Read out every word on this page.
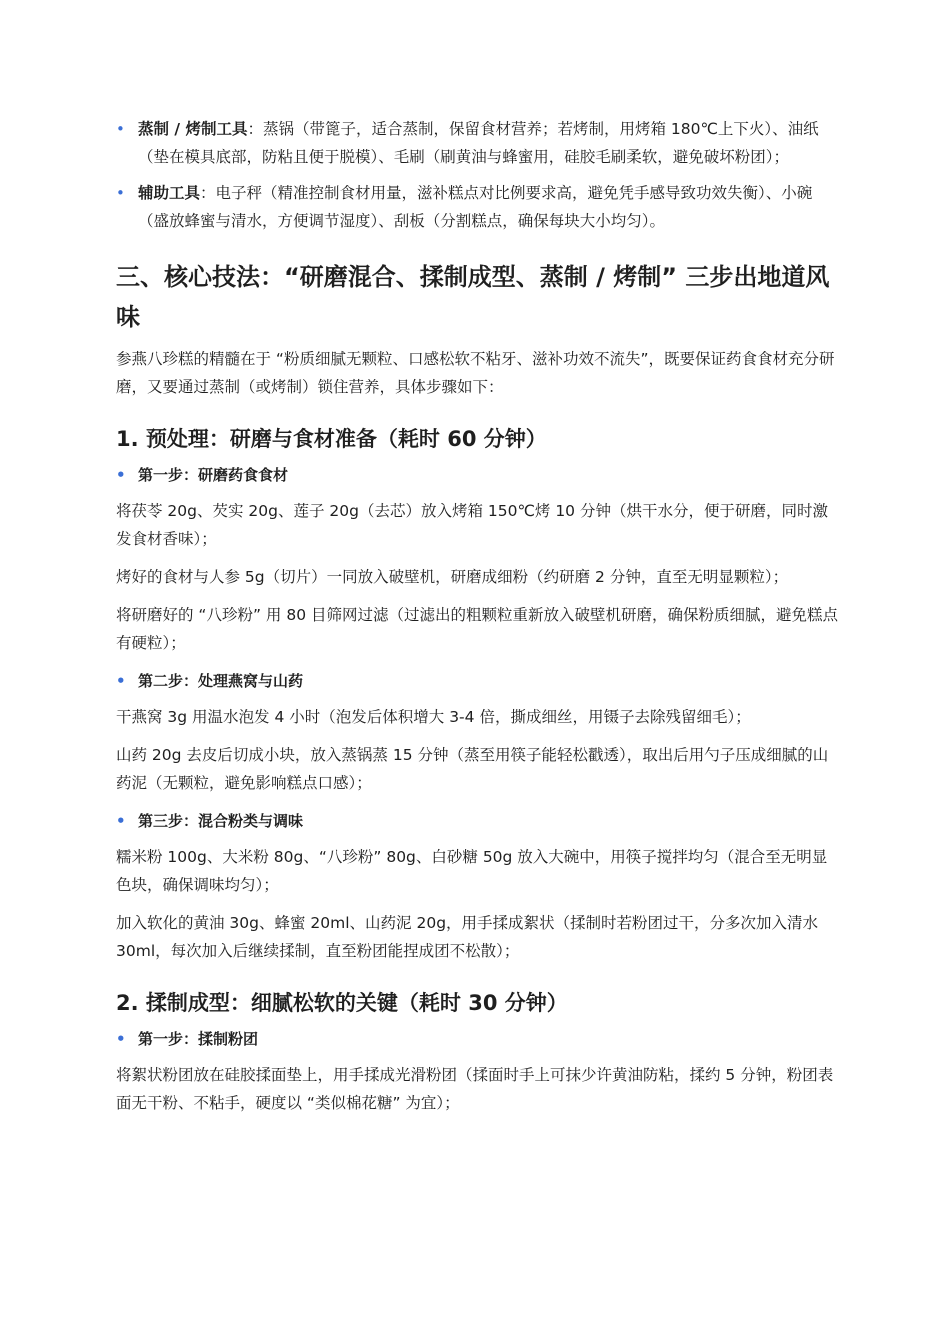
• 蒸制 / 烤制工具：蒸锅（带篦子，适合蒸制，保留食材营养；若烤制，用烤箱 180℃上下火）、油纸（垫在模具底部，防粘且便于脱模）、毛刷（刷黄油与蜂蜜用，硅胶毛刷柔软，避免破坏粉团）；
• 辅助工具：电子秤（精准控制食材用量，滋补糕点对比例要求高，避免凭手感导致功效失衡）、小碗（盛放蜂蜜与清水，方便调节湿度）、刮板（分割糕点，确保每块大小均匀）。
三、核心技法：“研磨混合、揉制成型、蒸制 / 烤制” 三步出地道风味

参燕八珍糕的精髓在于 “粉质细腻无颗粒、口感松软不粘牙、滋补功效不流失”，既要保证药食食材充分研磨，又要通过蒸制（或烤制）锁住营养，具体步骤如下：

1. 预处理：研磨与食材准备（耗时 60 分钟）
• 第一步：研磨药食食材

将茯苓 20g、芡实 20g、莲子 20g（去芯）放入烤箱 150℃烤 10 分钟（烘干水分，便于研磨，同时激发食材香味）；

烤好的食材与人参 5g（切片）一同放入破壁机，研磨成细粉（约研磨 2 分钟，直至无明显颗粒）；

将研磨好的 “八珍粉” 用 80 目筛网过滤（过滤出的粗颗粒重新放入破壁机研磨，确保粉质细腻，避免糕点有硬粒）；

• 第二步：处理燕窝与山药

干燕窝 3g 用温水泡发 4 小时（泡发后体积增大 3-4 倍，撕成细丝，用镊子去除残留细毛）；

山药 20g 去皮后切成小块，放入蒸锅蒸 15 分钟（蒸至用筷子能轻松戳透），取出后用勺子压成细腻的山药泥（无颗粒，避免影响糕点口感）；

• 第三步：混合粉类与调味

糯米粉 100g、大米粉 80g、“八珍粉” 80g、白砂糖 50g 放入大碗中，用筷子搅拌均匀（混合至无明显色块，确保调味均匀）；

加入软化的黄油 30g、蜂蜜 20ml、山药泥 20g，用手揉成絮状（揉制时若粉团过干，分多次加入清水 30ml，每次加入后继续揉制，直至粉团能捏成团不松散）；

2. 揉制成型：细腻松软的关键（耗时 30 分钟）
• 第一步：揉制粉团

将絮状粉团放在硅胶揉面垫上，用手揉成光滑粉团（揉面时手上可抹少许黄油防粘，揉约 5 分钟，粉团表面无干粉、不粘手，硬度以 “类似棉花糖” 为宜）；
